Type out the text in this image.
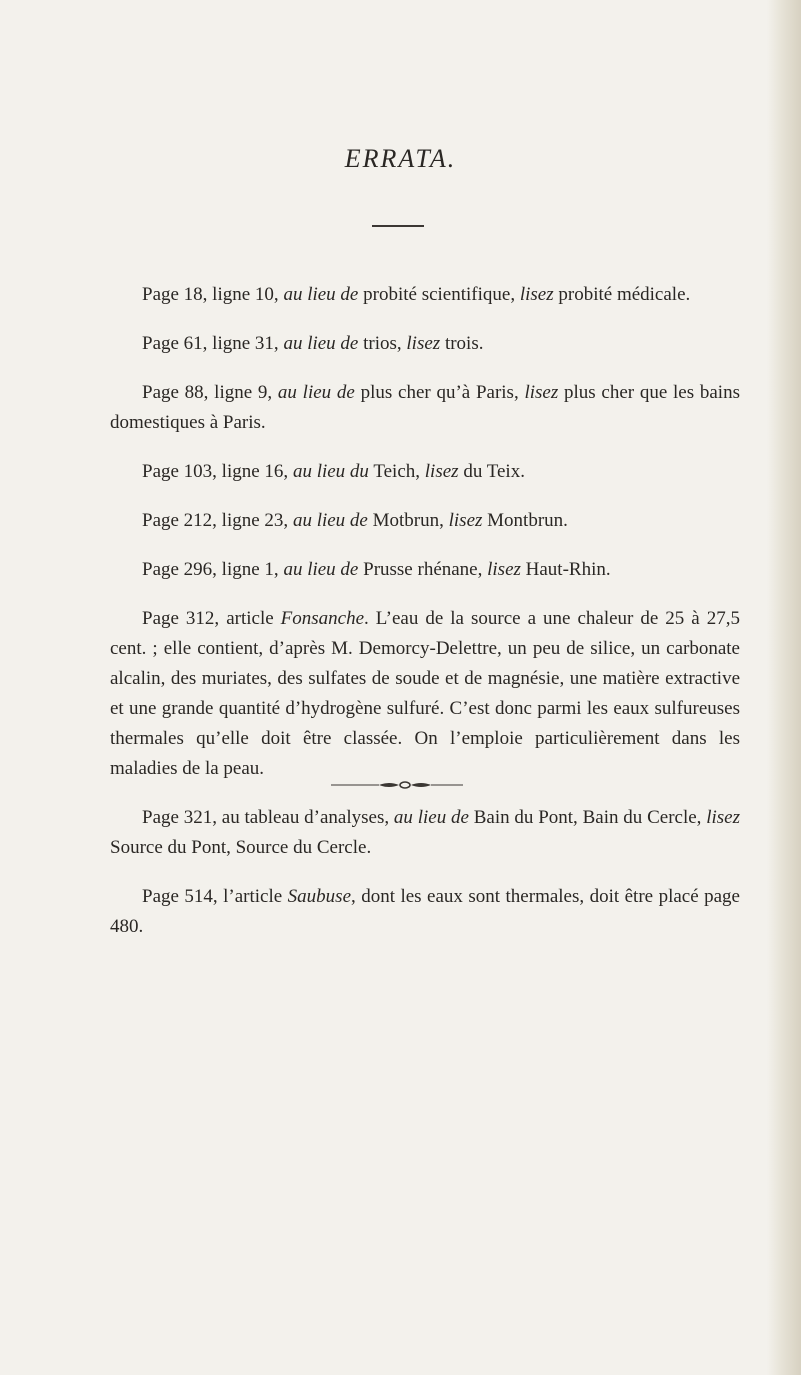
ERRATA.

Page 18, ligne 10, au lieu de probité scientifique, lisez probité médicale.

Page 61, ligne 31, au lieu de trios, lisez trois.

Page 88, ligne 9, au lieu de plus cher qu’à Paris, lisez plus cher que les bains domestiques à Paris.

Page 103, ligne 16, au lieu du Teich, lisez du Teix.

Page 212, ligne 23, au lieu de Motbrun, lisez Montbrun.

Page 296, ligne 1, au lieu de Prusse rhénane, lisez Haut-Rhin.

Page 312, article Fonsanche. L’eau de la source a une chaleur de 25 à 27,5 cent. ; elle contient, d’après M. Demorcy-Delettre, un peu de silice, un carbonate alcalin, des muriates, des sulfates de soude et de magnésie, une matière extractive et une grande quantité d’hydrogène sulfuré. C’est donc parmi les eaux sulfureuses thermales qu’elle doit être classée. On l’emploie particulièrement dans les maladies de la peau.

Page 321, au tableau d’analyses, au lieu de Bain du Pont, Bain du Cercle, lisez Source du Pont, Source du Cercle.

Page 514, l’article Saubuse, dont les eaux sont thermales, doit être placé page 480.
